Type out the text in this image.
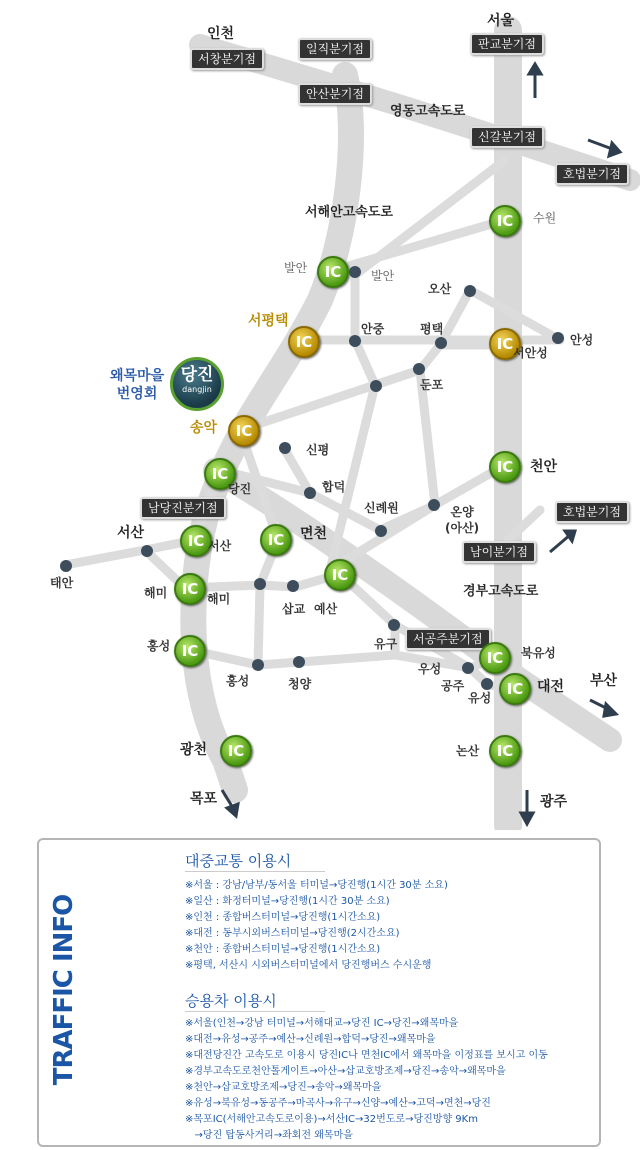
인천
서울
부산
광주
목포
영동고속도로
서해안고속도로
경부고속도로
서창분기점
일직분기점
안산분기점
판교분기점
신갈분기점
호법분기점
호법분기점
남당진분기점
남이분기점
서공주분기점
IC
IC
IC	IC
IC
IC	IC
IC	IC
IC
IC
IC	IC
IC
IC	IC
당진
dangjin
왜목마을
번영회
수원
발안
발안
오산
서평택	안중	평택
안성
서안성
둔포
송악
신평
당진	합덕
천안
신례원	온양
(아산)
서산
서산
면천
태안
해미	해미
삽교 예산
유구
홍성
홍성	청양
우성
공주
유성
북유성
대전
광천	논산
TRAFFIC INFO
대중교통 이용시
※서울 : 강남/남부/동서울 터미널→당진행(1시간 30분 소요)
※일산 : 화정터미널→당진행(1시간 30분 소요)
※인천 : 종합버스터미널→당진행(1시간소요)
※대전 : 동부시외버스터미널→당진행(2시간소요)
※천안 : 종합버스터미널→당진행(1시간소요)
※평택, 서산시 시외버스터미널에서 당진행버스 수시운행
승용차 이용시
※서울(인천→강남 터미널→서해대교→당진 IC→당진→왜목마을
※대전→유성→공주→예산→신례원→합덕→당진→왜목마을
※대전당진간 고속도로 이용시 당진IC나 면천IC에서 왜목마을 이정표를 보시고 이동
※경부고속도로천안톨게이트→아산→삽교호방조제→당진→송악→왜목마을
※천안→삽교호방조제→당진→송악→왜목마을
※유성→북유성→동공주→마곡사→유구→신양→예산→고덕→면천→당진
※목포IC(서해안고속도로이용)→서산IC→32번도로→당진방향 9Km
→당진 탑동사거리→좌회전 왜목마을
